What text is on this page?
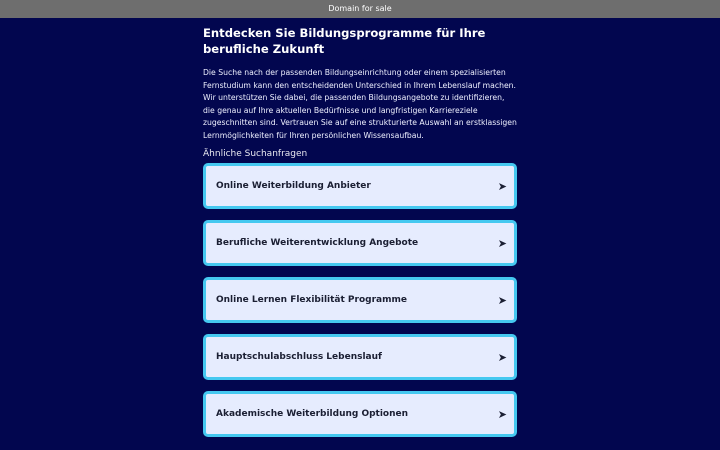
Domain for sale
Entdecken Sie Bildungsprogramme für Ihre berufliche Zukunft

Die Suche nach der passenden Bildungseinrichtung oder einem spezialisierten Fernstudium kann den entscheidenden Unterschied in Ihrem Lebenslauf machen. Wir unterstützen Sie dabei, die passenden Bildungsangebote zu identifizieren, die genau auf Ihre aktuellen Bedürfnisse und langfristigen Karriereziele zugeschnitten sind. Vertrauen Sie auf eine strukturierte Auswahl an erstklassigen Lernmöglichkeiten für Ihren persönlichen Wissensaufbau.

Ähnliche Suchanfragen
Online Weiterbildung Anbieter	➤
Berufliche Weiterentwicklung Angebote	➤
Online Lernen Flexibilität Programme	➤
Hauptschulabschluss Lebenslauf	➤
Akademische Weiterbildung Optionen	➤
